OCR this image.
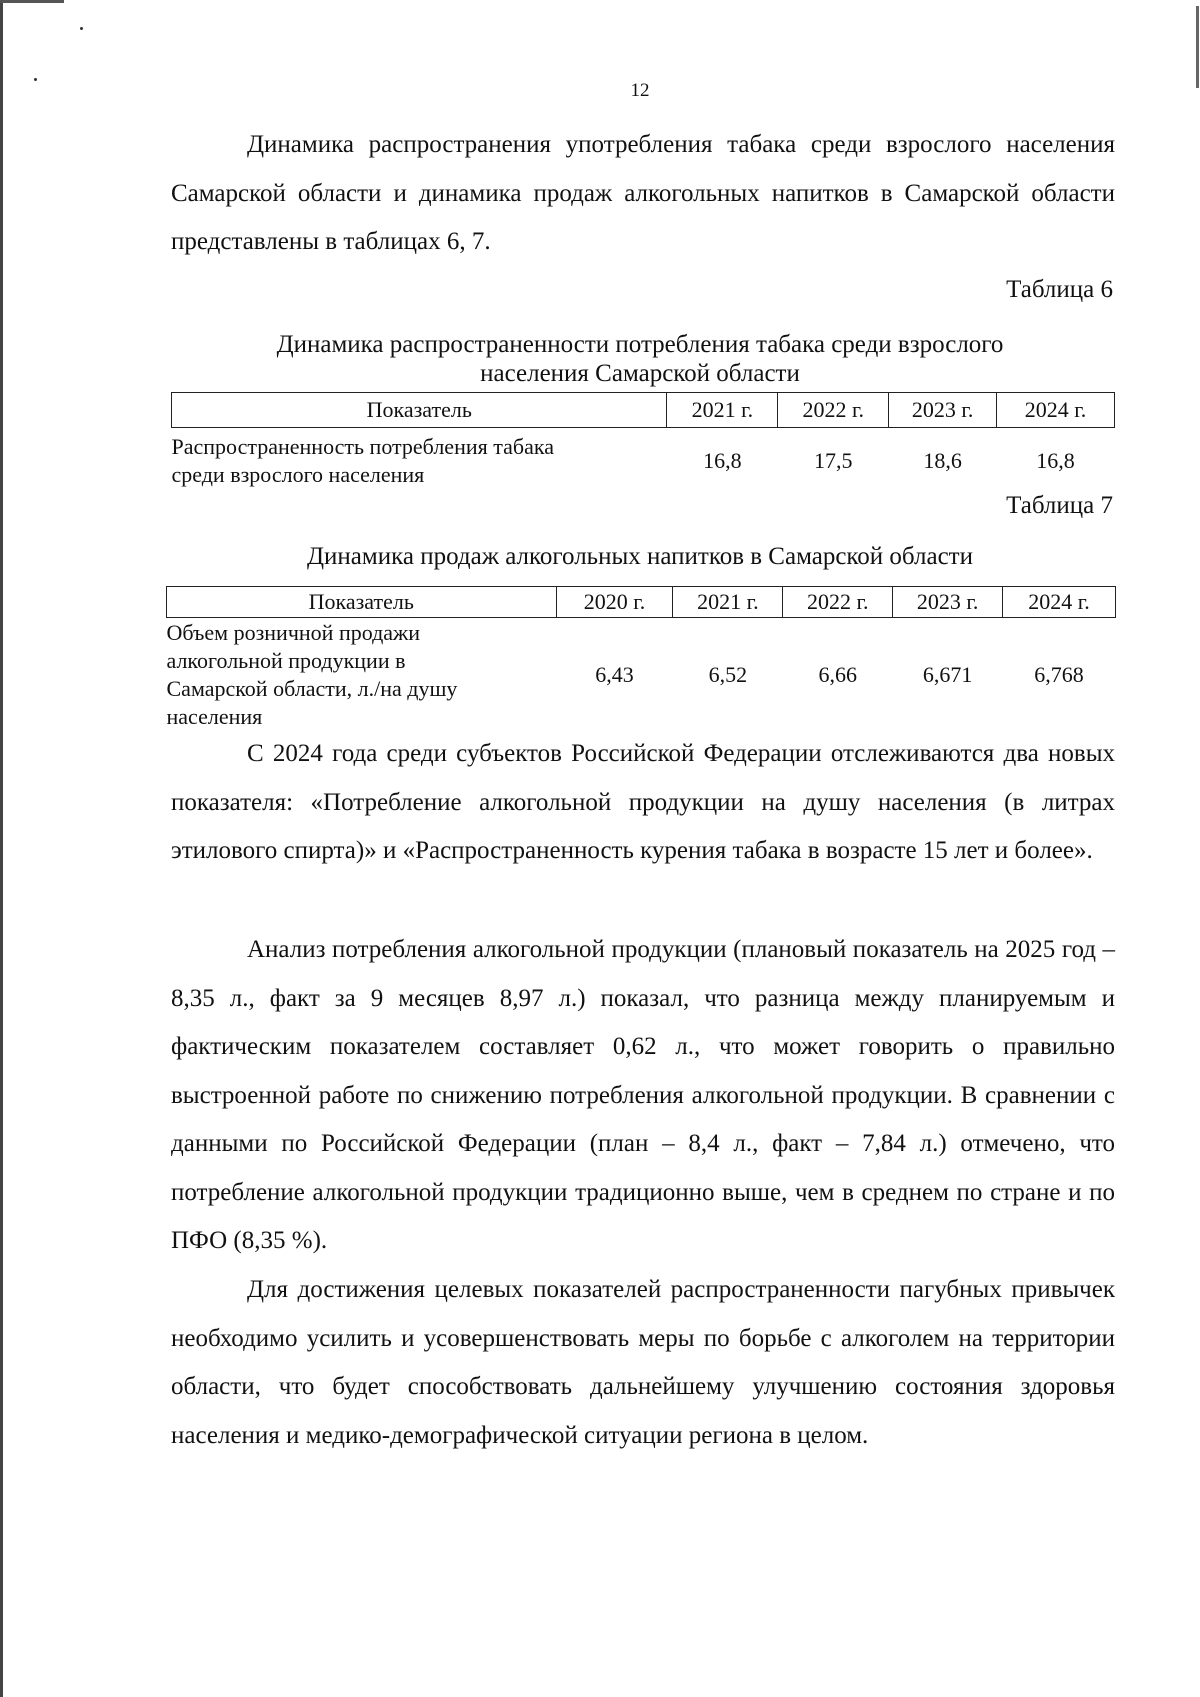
12

Динамика распространения употребления табака среди взрослого населения Самарской области и динамика продаж алкогольных напитков в Самарской области представлены в таблицах 6, 7.

Таблица 6
Динамика распространенности потребления табака среди взрослого
населения Самарской области
Показатель	2021 г.	2022 г.	2023 г.	2024 г.

Распространенность потребления табака
среди взрослого населения	16,8	17,5	18,6	16,8
Таблица 7
Динамика продаж алкогольных напитков в Самарской области
Показатель	2020 г.	2021 г.	2022 г.	2023 г.	2024 г.

Объем розничной продажи
алкогольной продукции в
Самарской области, л./на душу
населения	6,43	6,52	6,66	6,671	6,768

С 2024 года среди субъектов Российской Федерации отслеживаются два новых показателя: «Потребление алкогольной продукции на душу населения (в литрах этилового спирта)» и «Распространенность курения табака в возрасте 15 лет и более».

Анализ потребления алкогольной продукции (плановый показатель на 2025 год – 8,35 л., факт за 9 месяцев 8,97 л.) показал, что разница между планируемым и фактическим показателем составляет 0,62 л., что может говорить о правильно выстроенной работе по снижению потребления алкогольной продукции. В сравнении с данными по Российской Федерации (план – 8,4 л., факт – 7,84 л.) отмечено, что потребление алкогольной продукции традиционно выше, чем в среднем по стране и по ПФО (8,35 %).

Для достижения целевых показателей распространенности пагубных привычек необходимо усилить и усовершенствовать меры по борьбе с алкоголем на территории области, что будет способствовать дальнейшему улучшению состояния здоровья населения и медико-демографической ситуации региона в целом.
